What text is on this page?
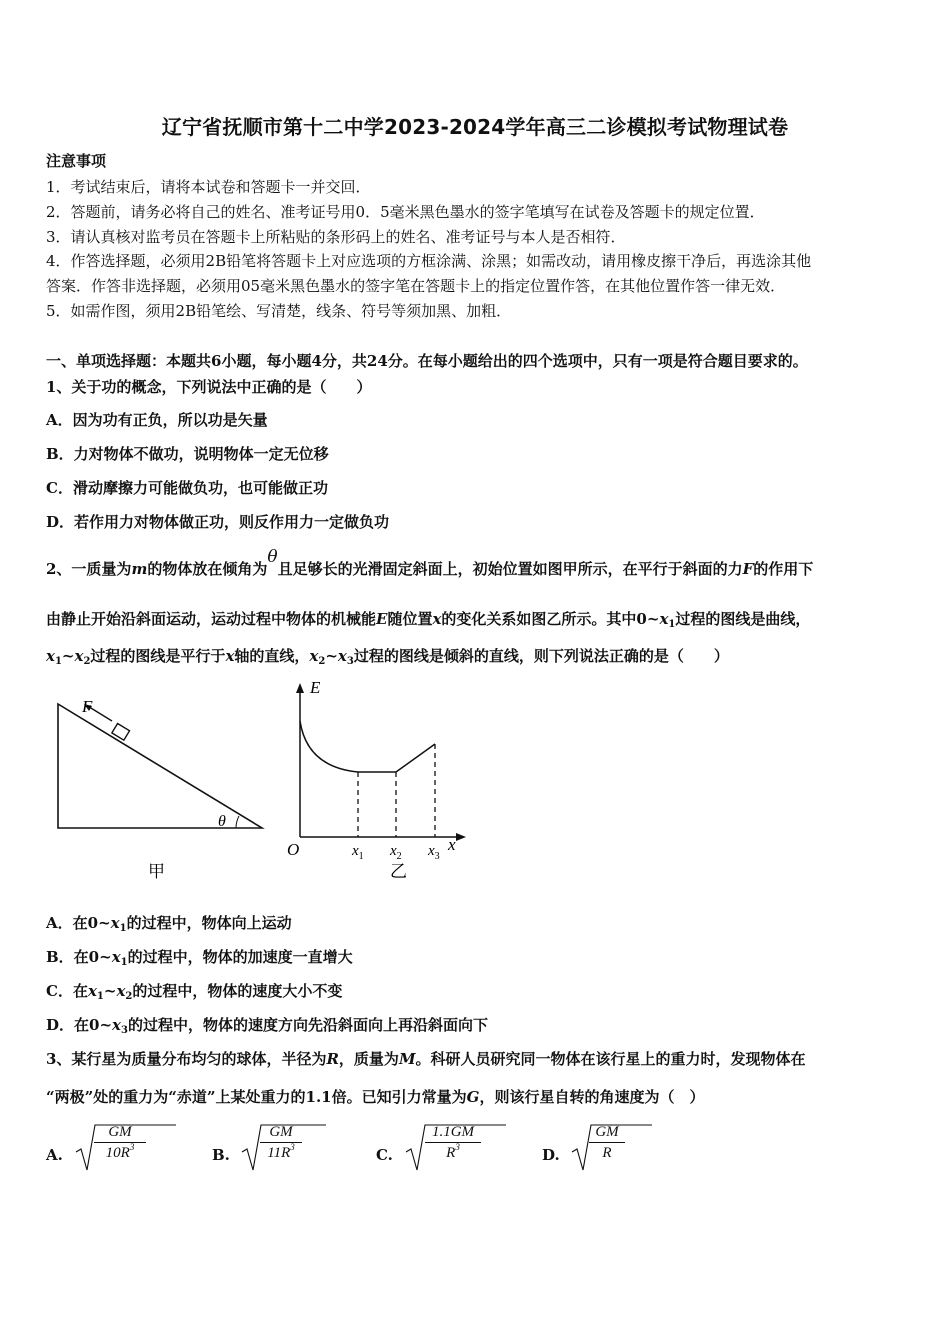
辽宁省抚顺市第十二中学2023-2024学年高三二诊模拟考试物理试卷
注意事项
1．考试结束后，请将本试卷和答题卡一并交回．
2．答题前，请务必将自己的姓名、准考证号用0．5毫米黑色墨水的签字笔填写在试卷及答题卡的规定位置．
3．请认真核对监考员在答题卡上所粘贴的条形码上的姓名、准考证号与本人是否相符．
4．作答选择题，必须用2B铅笔将答题卡上对应选项的方框涂满、涂黑；如需改动，请用橡皮擦干净后，再选涂其他
答案．作答非选择题，必须用05毫米黑色墨水的签字笔在答题卡上的指定位置作答，在其他位置作答一律无效．
5．如需作图，须用2B铅笔绘、写清楚，线条、符号等须加黑、加粗．
一、单项选择题：本题共6小题，每小题4分，共24分。在每小题给出的四个选项中，只有一项是符合题目要求的。
1、关于功的概念，下列说法中正确的是（　　）
A．因为功有正负，所以功是矢量
B．力对物体不做功，说明物体一定无位移
C．滑动摩擦力可能做负功，也可能做正功
D．若作用力对物体做正功，则反作用力一定做负功
2、一质量为m的物体放在倾角为θ且足够长的光滑固定斜面上，初始位置如图甲所示，在平行于斜面的力F的作用下
由静止开始沿斜面运动，运动过程中物体的机械能E随位置x的变化关系如图乙所示。其中$0\sim x_1$过程的图线是曲线，
$x_1\sim x_2$过程的图线是平行于x轴的直线，$x_2\sim x_3$过程的图线是倾斜的直线，则下列说法正确的是（　　）
F
θ
甲
E
O	$x_1$ $x_2$ $x_3$
x
乙
A．在$0\sim x_1$的过程中，物体向上运动
B．在$0\sim x_1$的过程中，物体的加速度一直增大
C．在$x_1\sim x_2$的过程中，物体的速度大小不变
D．在$0\sim x_3$的过程中，物体的速度方向先沿斜面向上再沿斜面向下
3、某行星为质量分布均匀的球体，半径为R，质量为M。科研人员研究同一物体在该行星上的重力时，发现物体在
“两极”处的重力为“赤道”上某处重力的1.1倍。已知引力常量为G，则该行星自转的角速度为（　）
A. $\frac{GM}{10R^3}$	B. $\frac{GM}{11R^3}$	C. $\frac{1.1GM}{R^3}$	D. $\frac{GM}{R}$
